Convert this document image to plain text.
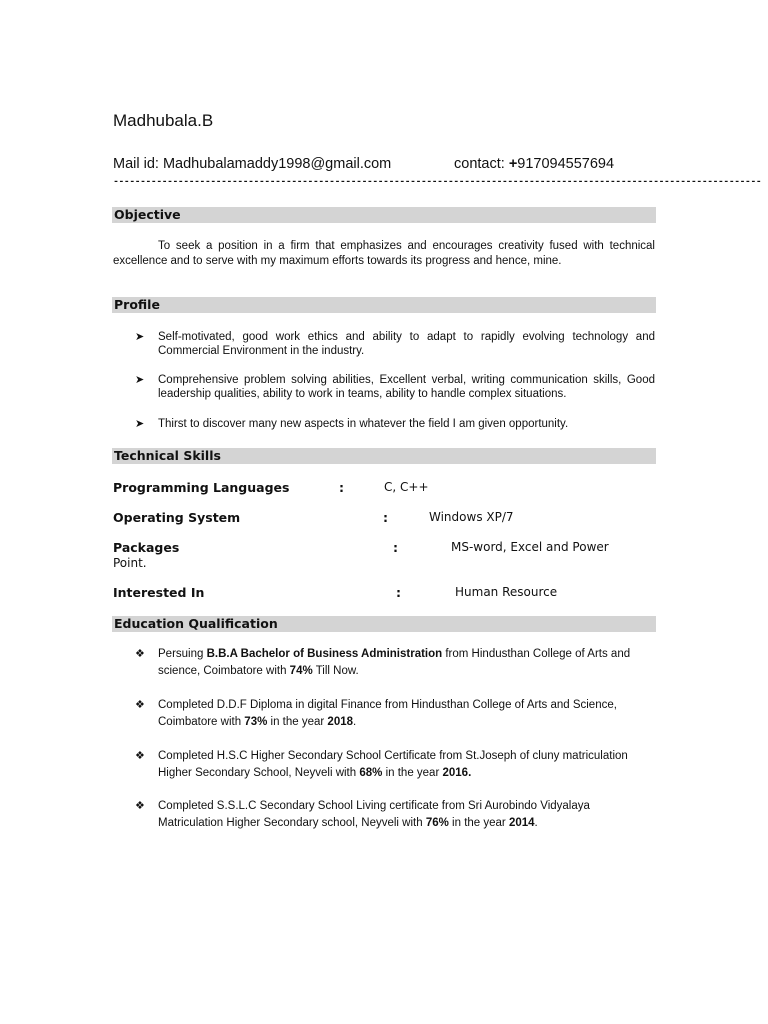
Madhubala.B
Mail id: Madhubalamaddy1998@gmail.com	contact: +917094557694
------------------------------------------------------------------------------------------------------------------------
Objective
To seek a position in a firm that emphasizes and encourages creativity fused with technical excellence and to serve with my maximum efforts towards its progress and hence, mine.
Profile
➤ Self-motivated, good work ethics and ability to adapt to rapidly evolving technology and Commercial Environment in the industry.
➤ Comprehensive problem solving abilities, Excellent verbal, writing communication skills, Good leadership qualities, ability to work in teams, ability to handle complex situations.
➤ Thirst to discover many new aspects in whatever the field I am given opportunity.
Technical Skills
Programming Languages	:	C, C++
Operating System	:	Windows XP/7
Packages	:	MS-word, Excel and Power
Point.
Interested In	:	Human Resource
Education Qualification
❖ Persuing B.B.A Bachelor of Business Administration from Hindusthan College of Arts and science, Coimbatore with 74% Till Now.
❖ Completed D.D.F Diploma in digital Finance from Hindusthan College of Arts and Science, Coimbatore with 73% in the year 2018.
❖ Completed H.S.C Higher Secondary School Certificate from St.Joseph of cluny matriculation Higher Secondary School, Neyveli with 68% in the year 2016.
❖ Completed S.S.L.C Secondary School Living certificate from Sri Aurobindo Vidyalaya Matriculation Higher Secondary school, Neyveli with 76% in the year 2014.
